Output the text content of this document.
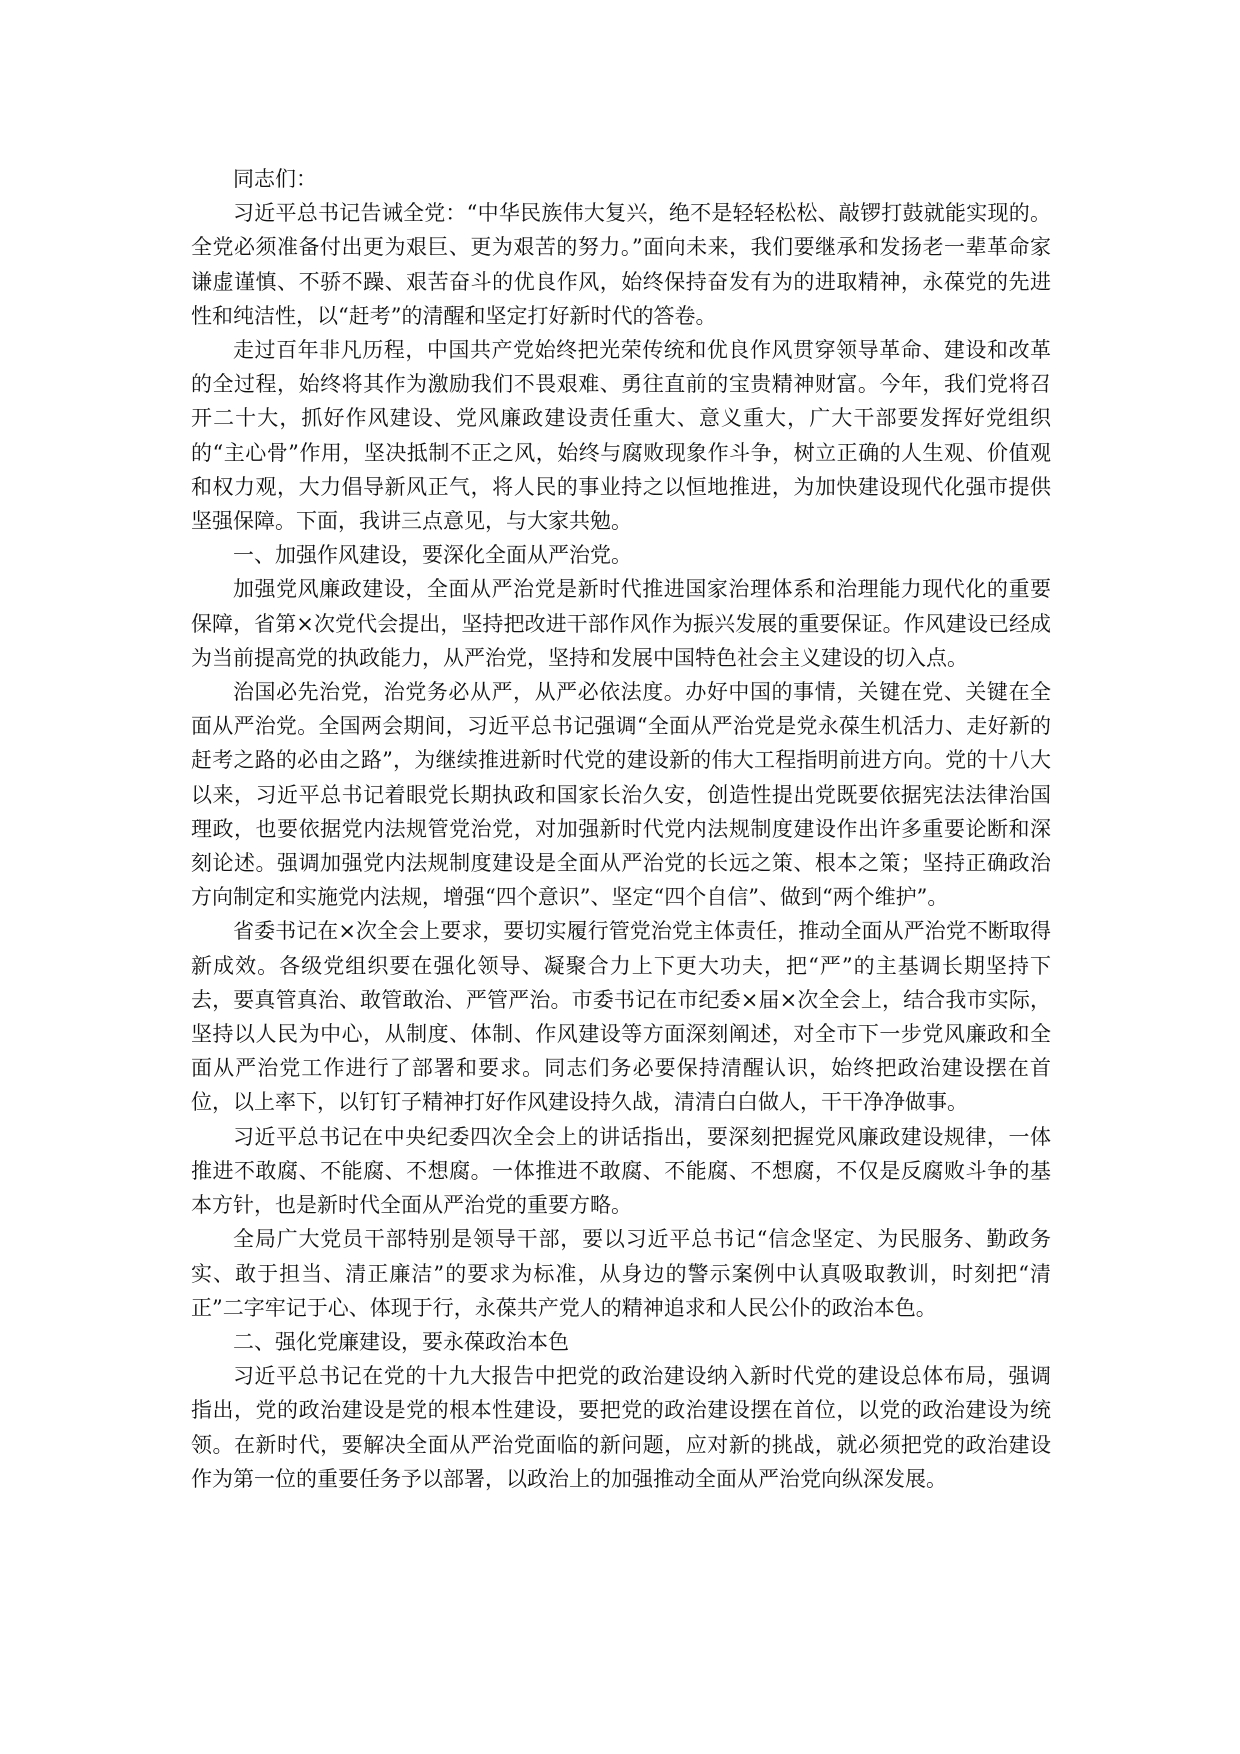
同志们：

习近平总书记告诫全党：“中华民族伟大复兴，绝不是轻轻松松、敲锣打鼓就能实现的。全党必须准备付出更为艰巨、更为艰苦的努力。”面向未来，我们要继承和发扬老一辈革命家谦虚谨慎、不骄不躁、艰苦奋斗的优良作风，始终保持奋发有为的进取精神，永葆党的先进性和纯洁性，以“赶考”的清醒和坚定打好新时代的答卷。

走过百年非凡历程，中国共产党始终把光荣传统和优良作风贯穿领导革命、建设和改革的全过程，始终将其作为激励我们不畏艰难、勇往直前的宝贵精神财富。今年，我们党将召开二十大，抓好作风建设、党风廉政建设责任重大、意义重大，广大干部要发挥好党组织的“主心骨”作用，坚决抵制不正之风，始终与腐败现象作斗争，树立正确的人生观、价值观和权力观，大力倡导新风正气，将人民的事业持之以恒地推进，为加快建设现代化强市提供坚强保障。下面，我讲三点意见，与大家共勉。

一、加强作风建设，要深化全面从严治党。

加强党风廉政建设，全面从严治党是新时代推进国家治理体系和治理能力现代化的重要保障，省第×次党代会提出，坚持把改进干部作风作为振兴发展的重要保证。作风建设已经成为当前提高党的执政能力，从严治党，坚持和发展中国特色社会主义建设的切入点。

治国必先治党，治党务必从严，从严必依法度。办好中国的事情，关键在党、关键在全面从严治党。全国两会期间，习近平总书记强调“全面从严治党是党永葆生机活力、走好新的赶考之路的必由之路”，为继续推进新时代党的建设新的伟大工程指明前进方向。党的十八大以来，习近平总书记着眼党长期执政和国家长治久安，创造性提出党既要依据宪法法律治国理政，也要依据党内法规管党治党，对加强新时代党内法规制度建设作出许多重要论断和深刻论述。强调加强党内法规制度建设是全面从严治党的长远之策、根本之策；坚持正确政治方向制定和实施党内法规，增强“四个意识”、坚定“四个自信”、做到“两个维护”。

省委书记在×次全会上要求，要切实履行管党治党主体责任，推动全面从严治党不断取得新成效。各级党组织要在强化领导、凝聚合力上下更大功夫，把“严”的主基调长期坚持下去，要真管真治、敢管敢治、严管严治。市委书记在市纪委×届×次全会上，结合我市实际，坚持以人民为中心，从制度、体制、作风建设等方面深刻阐述，对全市下一步党风廉政和全面从严治党工作进行了部署和要求。同志们务必要保持清醒认识，始终把政治建设摆在首位，以上率下，以钉钉子精神打好作风建设持久战，清清白白做人，干干净净做事。

习近平总书记在中央纪委四次全会上的讲话指出，要深刻把握党风廉政建设规律，一体推进不敢腐、不能腐、不想腐。一体推进不敢腐、不能腐、不想腐，不仅是反腐败斗争的基本方针，也是新时代全面从严治党的重要方略。

全局广大党员干部特别是领导干部，要以习近平总书记“信念坚定、为民服务、勤政务实、敢于担当、清正廉洁”的要求为标准，从身边的警示案例中认真吸取教训，时刻把“清正”二字牢记于心、体现于行，永葆共产党人的精神追求和人民公仆的政治本色。

二、强化党廉建设，要永葆政治本色

习近平总书记在党的十九大报告中把党的政治建设纳入新时代党的建设总体布局，强调指出，党的政治建设是党的根本性建设，要把党的政治建设摆在首位，以党的政治建设为统领。在新时代，要解决全面从严治党面临的新问题，应对新的挑战，就必须把党的政治建设作为第一位的重要任务予以部署，以政治上的加强推动全面从严治党向纵深发展。
